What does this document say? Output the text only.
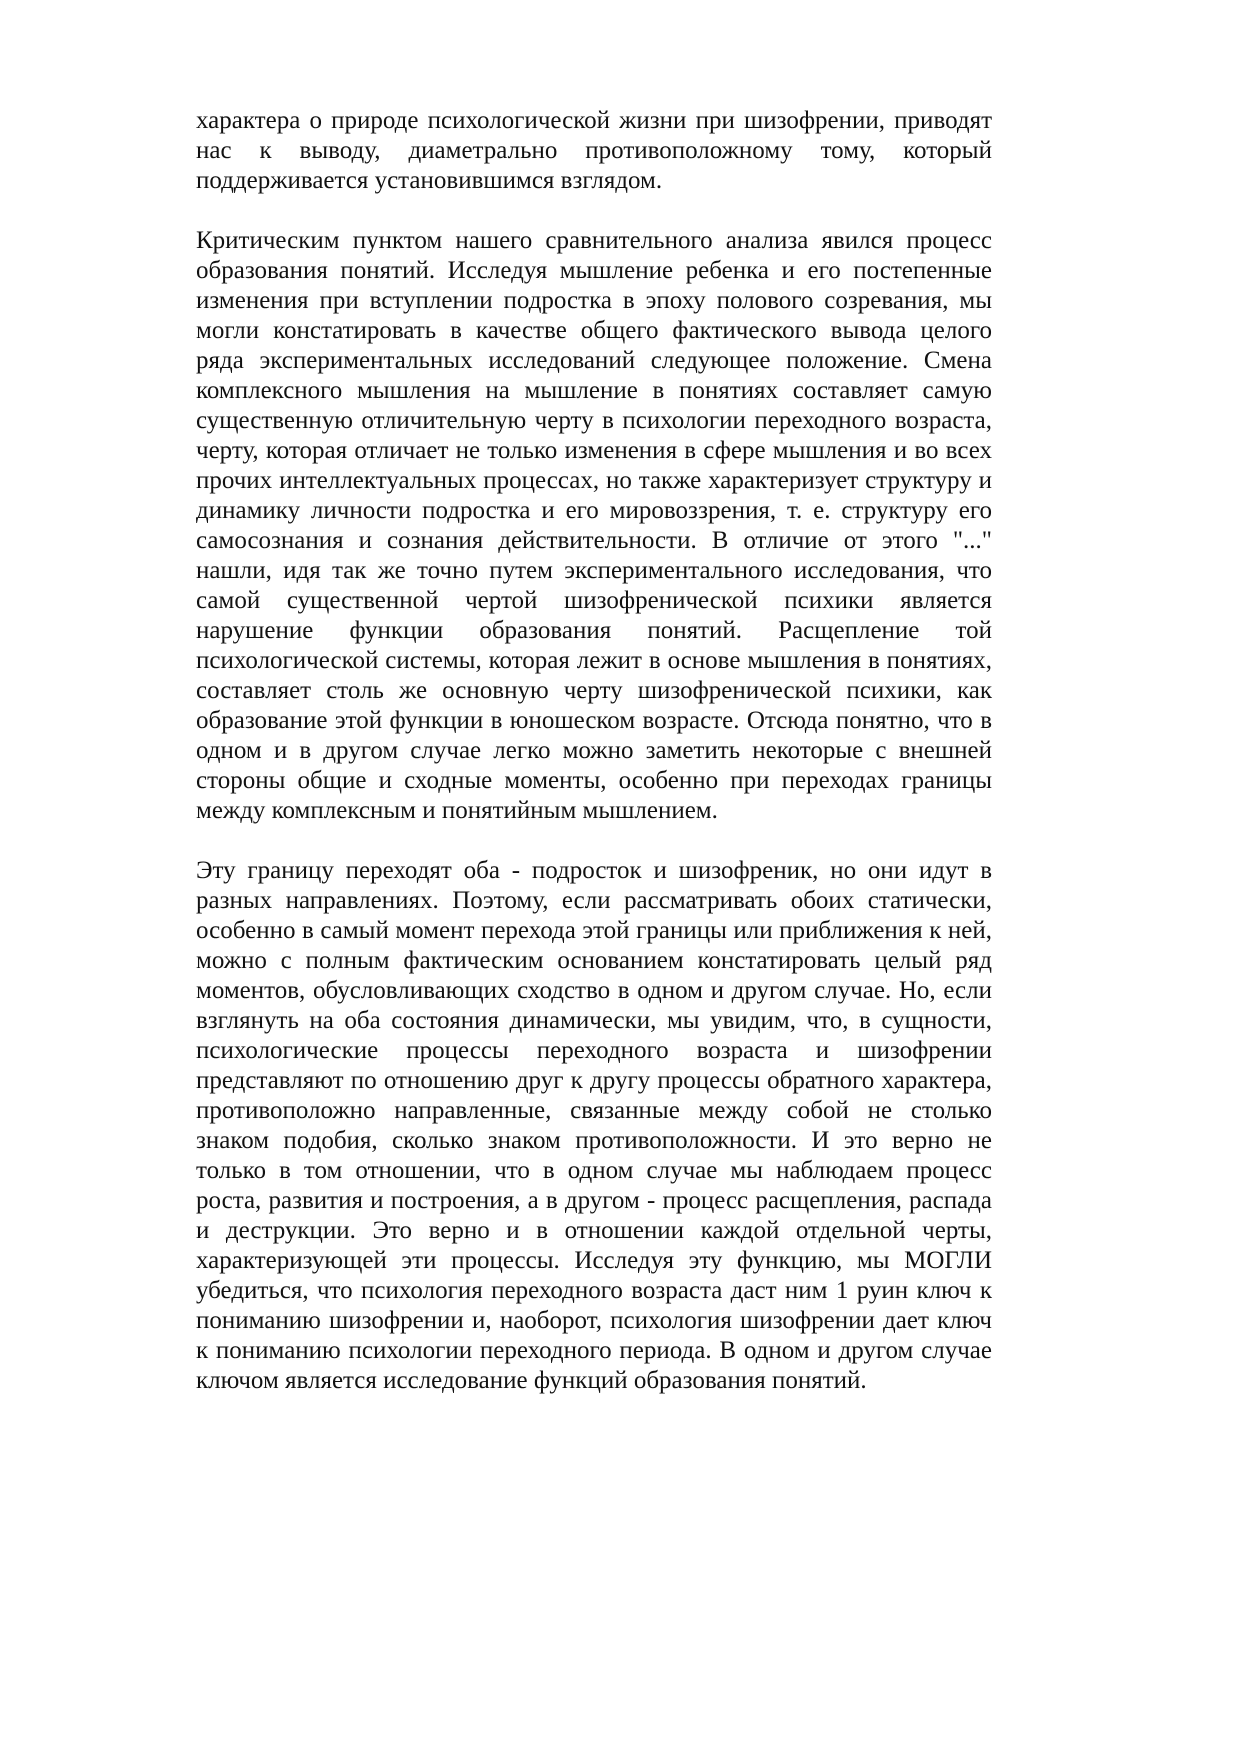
характера о природе психологической жизни при шизофрении, приводят нас к выводу, диаметрально противоположному тому, который поддерживается установившимся взглядом.

Критическим пунктом нашего сравнительного анализа явился процесс образования понятий. Исследуя мышление ребенка и его постепенные изменения при вступлении подростка в эпоху полового созревания, мы могли констатировать в качестве общего фактического вывода целого ряда экспериментальных исследований следующее положение. Смена комплексного мышления на мышление в понятиях составляет самую существенную отличительную черту в психологии переходного возраста, черту, которая отличает не только изменения в сфере мышления и во всех прочих интеллектуальных процессах, но также характеризует структуру и динамику личности подростка и его мировоззрения, т. е. структуру его самосознания и сознания действительности. В отличие от этого "..." нашли, идя так же точно путем экспериментального исследования, что самой существенной чертой шизофренической психики является нарушение функции образования понятий. Расщепление той психологической системы, которая лежит в основе мышления в понятиях, составляет столь же основную черту шизофренической психики, как образование этой функции в юношеском возрасте. Отсюда понятно, что в одном и в другом случае легко можно заметить некоторые с внешней стороны общие и сходные моменты, особенно при переходах границы между комплексным и понятийным мышлением.

Эту границу переходят оба - подросток и шизофреник, но они идут в разных направлениях. Поэтому, если рассматривать обоих статически, особенно в самый момент перехода этой границы или приближения к ней, можно с полным фактическим основанием констатировать целый ряд моментов, обусловливающих сходство в одном и другом случае. Но, если взглянуть на оба состояния динамически, мы увидим, что, в сущности, психологические процессы переходного возраста и шизофрении представляют по отношению друг к другу процессы обратного характера, противоположно направленные, связанные между собой не столько знаком подобия, сколько знаком противоположности. И это верно не только в том отношении, что в одном случае мы наблюдаем процесс роста, развития и построения, а в другом - процесс расщепления, распада и деструкции. Это верно и в отношении каждой отдельной черты, характеризующей эти процессы. Исследуя эту функцию, мы МОГЛИ убедиться, что психология переходного возраста даст ним 1 руин ключ к пониманию шизофрении и, наоборот, психология шизофрении дает ключ к пониманию психологии переходного периода. В одном и другом случае ключом является исследование функций образования понятий.
